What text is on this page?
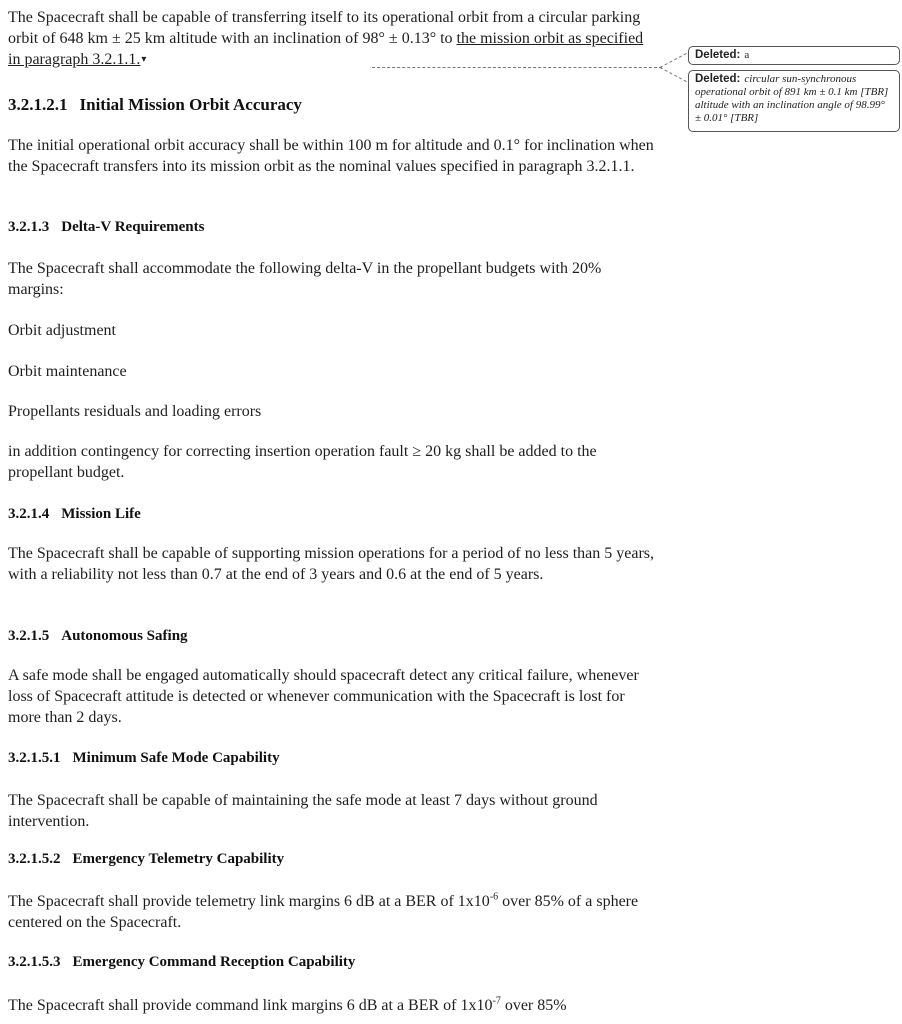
The Spacecraft shall be capable of transferring itself to its operational orbit from a circular parking orbit of 648 km ± 25 km altitude with an inclination of 98° ± 0.13° to the mission orbit as specified in paragraph 3.2.1.1.▾	Deleted: a
Deleted: circular sun-synchronous operational orbit of 891 km ± 0.1 km [TBR] altitude with an inclination angle of 98.99° ± 0.01° [TBR]
3.2.1.2.1 Initial Mission Orbit Accuracy

The initial operational orbit accuracy shall be within 100 m for altitude and 0.1° for inclination when the Spacecraft transfers into its mission orbit as the nominal values specified in paragraph 3.2.1.1.

3.2.1.3 Delta-V Requirements

The Spacecraft shall accommodate the following delta-V in the propellant budgets with 20% margins:

Orbit adjustment

Orbit maintenance

Propellants residuals and loading errors

in addition contingency for correcting insertion operation fault ≥ 20 kg shall be added to the propellant budget.

3.2.1.4 Mission Life

The Spacecraft shall be capable of supporting mission operations for a period of no less than 5 years, with a reliability not less than 0.7 at the end of 3 years and 0.6 at the end of 5 years.

3.2.1.5 Autonomous Safing

A safe mode shall be engaged automatically should spacecraft detect any critical failure, whenever loss of Spacecraft attitude is detected or whenever communication with the Spacecraft is lost for more than 2 days.

3.2.1.5.1 Minimum Safe Mode Capability

The Spacecraft shall be capable of maintaining the safe mode at least 7 days without ground intervention.

3.2.1.5.2 Emergency Telemetry Capability

The Spacecraft shall provide telemetry link margins 6 dB at a BER of $1x10^{-6}$ over 85% of a sphere centered on the Spacecraft.

3.2.1.5.3 Emergency Command Reception Capability

The Spacecraft shall provide command link margins 6 dB at a BER of $1x10^{-7}$ over 85%
